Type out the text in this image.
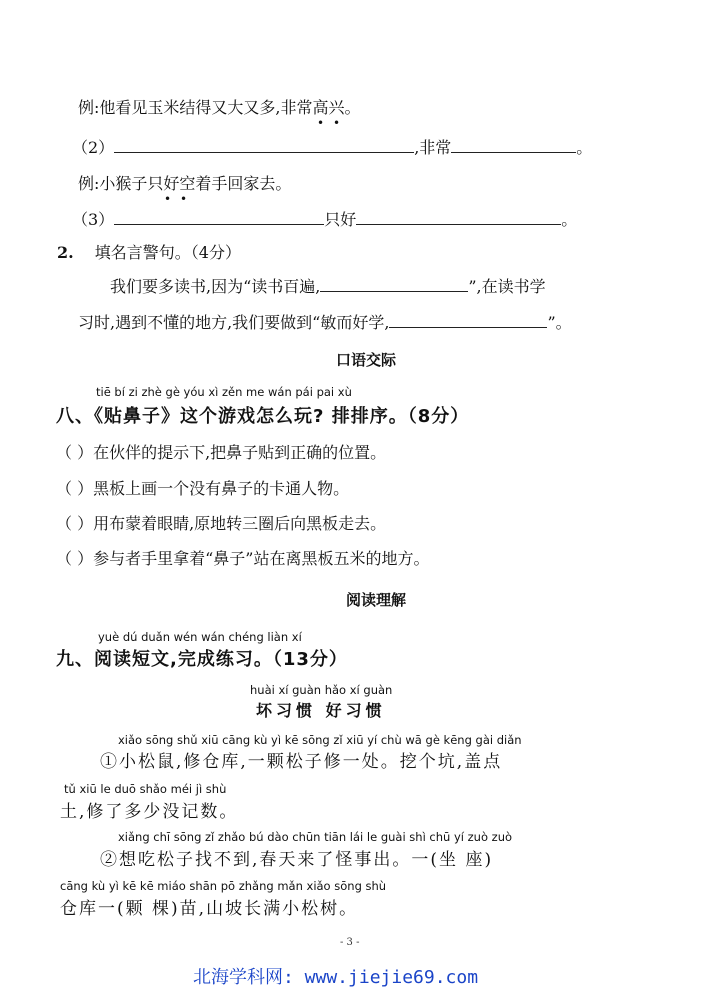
例:他看见玉米结得又大又多,非常高兴。
• •
（2）	,非常	。
例:小猴子只好空着手回家去。
• •
（3）	只好	。
2. 填名言警句。（4分）
我们要多读书,因为“读书百遍,	”,在读书学
习时,遇到不懂的地方,我们要做到“敏而好学,	”。
口语交际
tiē bí zi zhè gè yóu xì zěn me wán pái pai xù
八、《贴鼻子》这个游戏怎么玩? 排排序。（8分）
（ ）在伙伴的提示下,把鼻子贴到正确的位置。
（ ）黑板上画一个没有鼻子的卡通人物。
（ ）用布蒙着眼睛,原地转三圈后向黑板走去。
（ ）参与者手里拿着“鼻子”站在离黑板五米的地方。
阅读理解
yuè dú duǎn wén wán chéng liàn xí
九、阅读短文,完成练习。（13分）
huài xí guàn hǎo xí guàn
坏习惯 好习惯
xiǎo sōng shǔ xiū cāng kù yì kē sōng zǐ xiū yí chù wā gè kēng gài diǎn
①小松鼠,修仓库,一颗松子修一处。挖个坑,盖点
tǔ xiū le duō shǎo méi jì shù
土,修了多少没记数。
xiǎng chī sōng zǐ zhǎo bú dào chūn tiān lái le guài shì chū yí zuò zuò
②想吃松子找不到,春天来了怪事出。一(坐 座)
cāng kù yì kē kē miáo shān pō zhǎng mǎn xiǎo sōng shù
仓库一(颗 棵)苗,山坡长满小松树。
- 3 -
北海学科网: www.jiejie69.com
